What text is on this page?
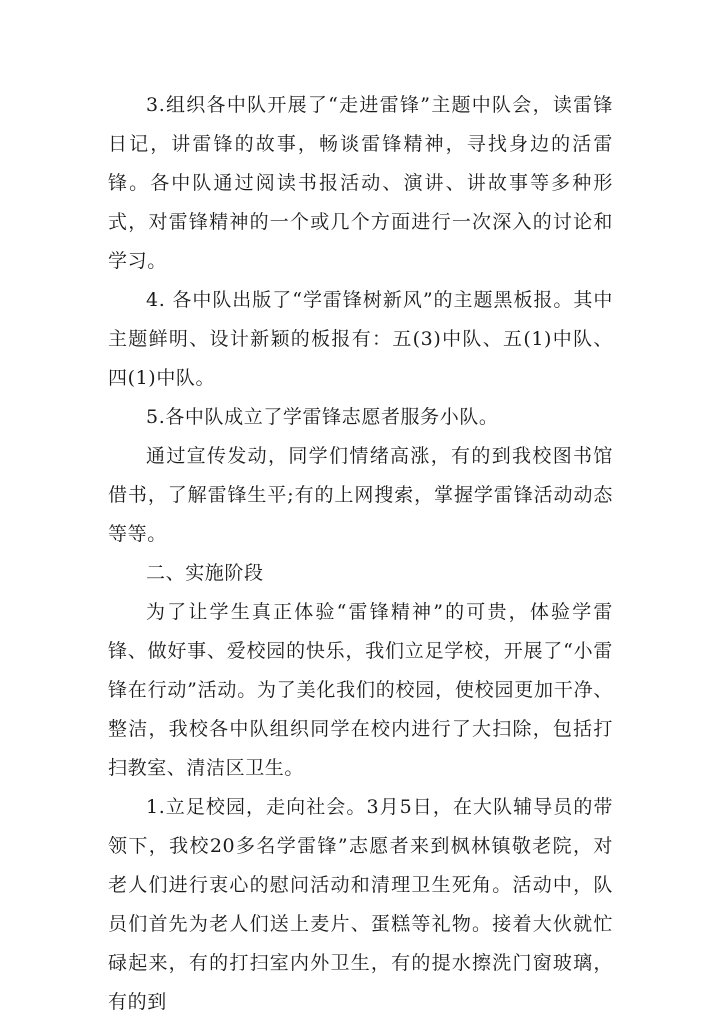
3.组织各中队开展了“走进雷锋”主题中队会，读雷锋日记，讲雷锋的故事，畅谈雷锋精神，寻找身边的活雷锋。各中队通过阅读书报活动、演讲、讲故事等多种形式，对雷锋精神的一个或几个方面进行一次深入的讨论和学习。

4. 各中队出版了“学雷锋树新风”的主题黑板报。其中主题鲜明、设计新颖的板报有：五(3)中队、五(1)中队、四(1)中队。

5.各中队成立了学雷锋志愿者服务小队。

通过宣传发动，同学们情绪高涨，有的到我校图书馆借书，了解雷锋生平;有的上网搜索，掌握学雷锋活动动态等等。

二、实施阶段

为了让学生真正体验“雷锋精神”的可贵，体验学雷锋、做好事、爱校园的快乐，我们立足学校，开展了“小雷锋在行动”活动。为了美化我们的校园，使校园更加干净、整洁，我校各中队组织同学在校内进行了大扫除，包括打扫教室、清洁区卫生。

1.立足校园，走向社会。3月5日，在大队辅导员的带领下，我校20多名学雷锋”志愿者来到枫林镇敬老院，对老人们进行衷心的慰问活动和清理卫生死角。活动中，队员们首先为老人们送上麦片、蛋糕等礼物。接着大伙就忙碌起来，有的打扫室内外卫生，有的提水擦洗门窗玻璃，有的到
